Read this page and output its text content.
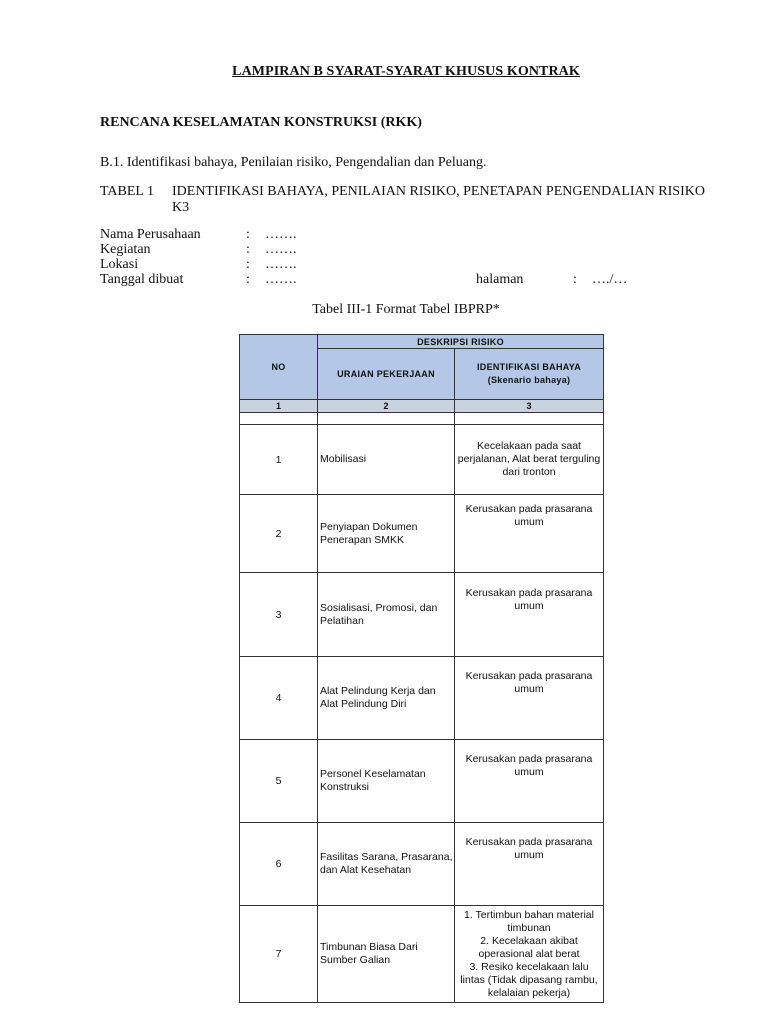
LAMPIRAN B SYARAT-SYARAT KHUSUS KONTRAK
RENCANA KESELAMATAN KONSTRUKSI (RKK)
B.1. Identifikasi bahaya, Penilaian risiko, Pengendalian dan Peluang.
TABEL 1 IDENTIFIKASI BAHAYA, PENILAIAN RISIKO, PENETAPAN PENGENDALIAN RISIKO K3
Nama Perusahaan	: …….
Kegiatan	: …….
Lokasi	: …….
Tanggal dibuat	: …….	halaman	: …./…
Tabel III-1 Format Tabel IBPRP*
NO	DESKRIPSI RISIKO	
	URAIAN PEKERJAAN	IDENTIFIKASI BAHAYA
(Skenario bahaya)

1	2	3

1	Mobilisasi	Kecelakaan pada saat perjalanan, Alat berat terguling dari tronton
2	Penyiapan Dokumen Penerapan SMKK	Kerusakan pada prasarana umum
3	Sosialisasi, Promosi, dan Pelatihan	Kerusakan pada prasarana umum
4	Alat Pelindung Kerja dan Alat Pelindung Diri	Kerusakan pada prasarana umum
5	Personel Keselamatan Konstruksi	Kerusakan pada prasarana umum
6	Fasilitas Sarana, Prasarana, dan Alat Kesehatan	Kerusakan pada prasarana umum
7	Timbunan Biasa Dari Sumber Galian	1. Tertimbun bahan material timbunan
2. Kecelakaan akibat operasional alat berat
3. Resiko kecelakaan lalu lintas (Tidak dipasang rambu, kelalaian pekerja)
